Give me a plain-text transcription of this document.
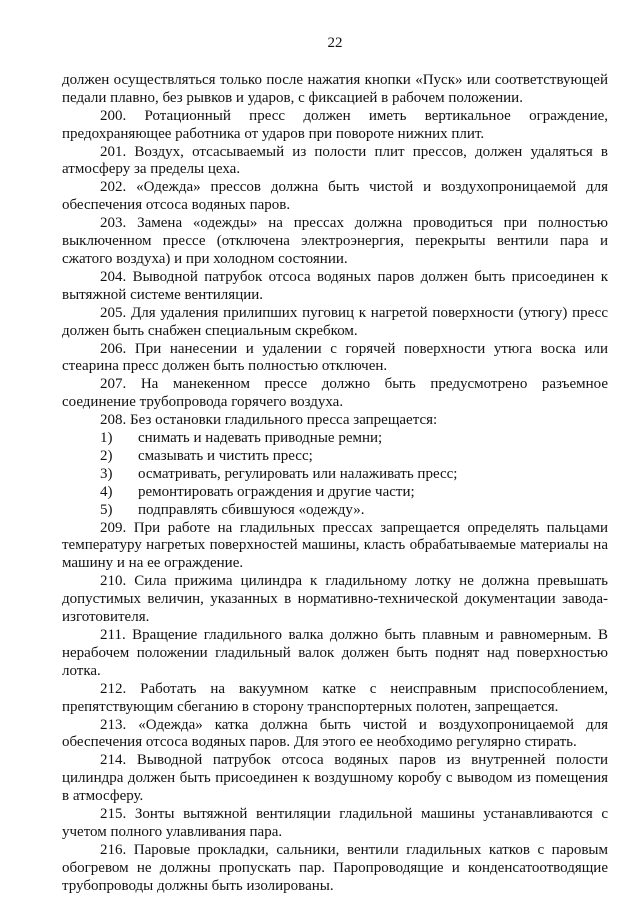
22

должен осуществляться только после нажатия кнопки «Пуск» или соответствующей педали плавно, без рывков и ударов, с фиксацией в рабочем положении.

200. Ротационный пресс должен иметь вертикальное ограждение, предохраняющее работника от ударов при повороте нижних плит.

201. Воздух, отсасываемый из полости плит прессов, должен удаляться в атмосферу за пределы цеха.

202. «Одежда» прессов должна быть чистой и воздухопроницаемой для обеспечения отсоса водяных паров.

203. Замена «одежды» на прессах должна проводиться при полностью выключенном прессе (отключена электроэнергия, перекрыты вентили пара и сжатого воздуха) и при холодном состоянии.

204. Выводной патрубок отсоса водяных паров должен быть присоединен к вытяжной системе вентиляции.

205. Для удаления прилипших пуговиц к нагретой поверхности (утюгу) пресс должен быть снабжен специальным скребком.

206. При нанесении и удалении с горячей поверхности утюга воска или стеарина пресс должен быть полностью отключен.

207. На манекенном прессе должно быть предусмотрено разъемное соединение трубопровода горячего воздуха.

208. Без остановки гладильного пресса запрещается:

1)	снимать и надевать приводные ремни;
2)	смазывать и чистить пресс;
3)	осматривать, регулировать или налаживать пресс;
4)	ремонтировать ограждения и другие части;
5)	подправлять сбившуюся «одежду».

209. При работе на гладильных прессах запрещается определять пальцами температуру нагретых поверхностей машины, класть обрабатываемые материалы на машину и на ее ограждение.

210. Сила прижима цилиндра к гладильному лотку не должна превышать допустимых величин, указанных в нормативно-технической документации завода-изготовителя.

211. Вращение гладильного валка должно быть плавным и равномерным. В нерабочем положении гладильный валок должен быть поднят над поверхностью лотка.

212. Работать на вакуумном катке с неисправным приспособлением, препятствующим сбеганию в сторону транспортерных полотен, запрещается.

213. «Одежда» катка должна быть чистой и воздухопроницаемой для обеспечения отсоса водяных паров. Для этого ее необходимо регулярно стирать.

214. Выводной патрубок отсоса водяных паров из внутренней полости цилиндра должен быть присоединен к воздушному коробу с выводом из помещения в атмосферу.

215. Зонты вытяжной вентиляции гладильной машины устанавливаются с учетом полного улавливания пара.

216. Паровые прокладки, сальники, вентили гладильных катков с паровым обогревом не должны пропускать пар. Паропроводящие и конденсатоотводящие трубопроводы должны быть изолированы.
